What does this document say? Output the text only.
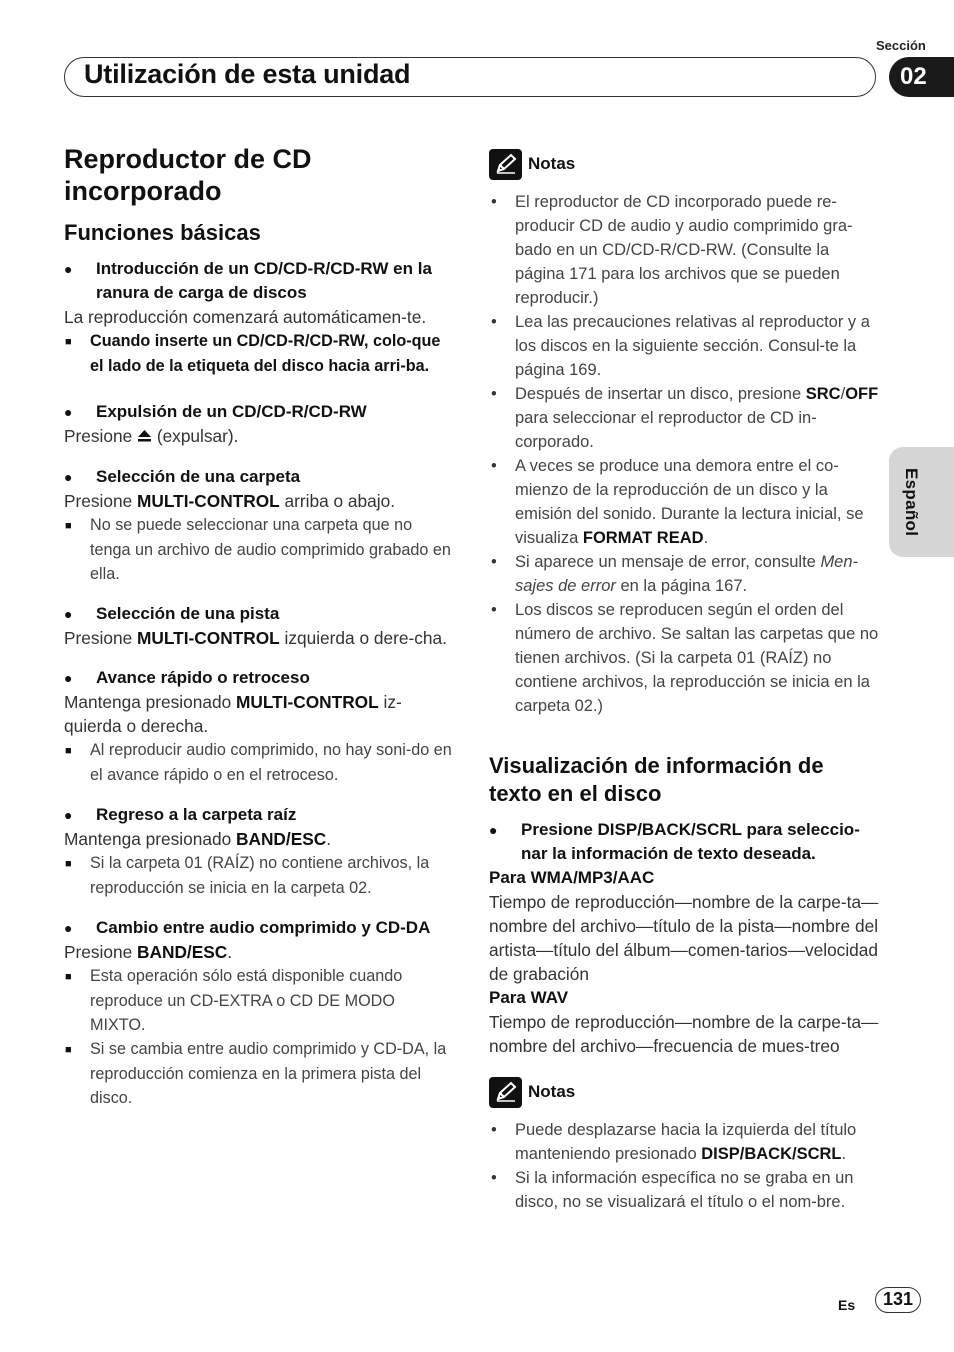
Sección
Utilización de esta unidad	02
Español
Reproductor de CD incorporado
Funciones básicas
● Introducción de un CD/CD-R/CD-RW en la ranura de carga de discos

La reproducción comenzará automáticamen-te.

■ Cuando inserte un CD/CD-R/CD-RW, colo-que el lado de la etiqueta del disco hacia arri-ba.

● Expulsión de un CD/CD-R/CD-RW

Presione  (expulsar).

● Selección de una carpeta

Presione MULTI-CONTROL arriba o abajo.

■ No se puede seleccionar una carpeta que no tenga un archivo de audio comprimido grabado en ella.

● Selección de una pista

Presione MULTI-CONTROL izquierda o dere-cha.

● Avance rápido o retroceso

Mantenga presionado MULTI-CONTROL iz-quierda o derecha.

■ Al reproducir audio comprimido, no hay soni-do en el avance rápido o en el retroceso.

● Regreso a la carpeta raíz

Mantenga presionado BAND/ESC.

■ Si la carpeta 01 (RAÍZ) no contiene archivos, la reproducción se inicia en la carpeta 02.

● Cambio entre audio comprimido y CD-DA

Presione BAND/ESC.

■ Esta operación sólo está disponible cuando reproduce un CD-EXTRA o CD DE MODO MIXTO.

■ Si se cambia entre audio comprimido y CD-DA, la reproducción comienza en la primera pista del disco.

Notas
• El reproductor de CD incorporado puede re-producir CD de audio y audio comprimido gra-bado en un CD/CD-R/CD-RW. (Consulte la página 171 para los archivos que se pueden reproducir.)
• Lea las precauciones relativas al reproductor y a los discos en la siguiente sección. Consul-te la página 169.
• Después de insertar un disco, presione SRC/OFF para seleccionar el reproductor de CD in-corporado.
• A veces se produce una demora entre el co-mienzo de la reproducción de un disco y la emisión del sonido. Durante la lectura inicial, se visualiza FORMAT READ.
• Si aparece un mensaje de error, consulte Men-sajes de error en la página 167.
• Los discos se reproducen según el orden del número de archivo. Se saltan las carpetas que no tienen archivos. (Si la carpeta 01 (RAÍZ) no contiene archivos, la reproducción se inicia en la carpeta 02.)
Visualización de información de texto en el disco
● Presione DISP/BACK/SCRL para seleccio-nar la información de texto deseada.
Para WMA/MP3/AAC

Tiempo de reproducción—nombre de la carpe-ta—nombre del archivo—título de la pista—nombre del artista—título del álbum—comen-tarios—velocidad de grabación

Para WAV

Tiempo de reproducción—nombre de la carpe-ta—nombre del archivo—frecuencia de mues-treo

Notas
• Puede desplazarse hacia la izquierda del título manteniendo presionado DISP/BACK/SCRL.
• Si la información específica no se graba en un disco, no se visualizará el título o el nom-bre.
Es	131
